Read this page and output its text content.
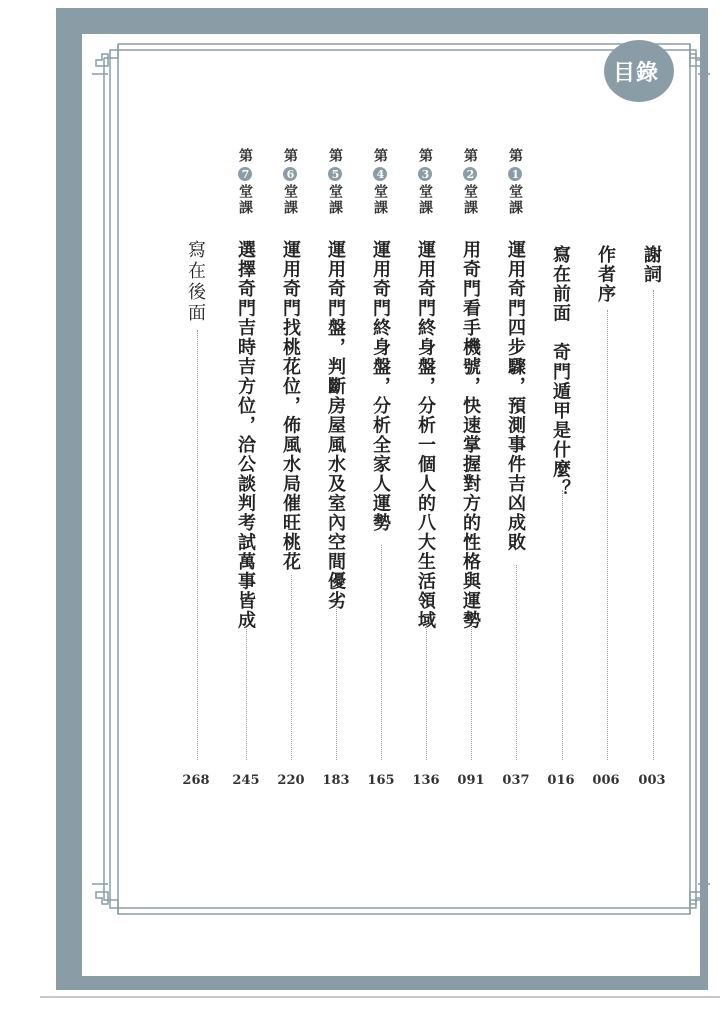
目錄
謝詞
003
作者序
006
寫在前面　奇門遁甲是什麼？
016
第1堂課
運用奇門四步驟，預測事件吉凶成敗
037
第2堂課
用奇門看手機號，快速掌握對方的性格與運勢
091
第3堂課
運用奇門終身盤，分析一個人的八大生活領域
136
第4堂課
運用奇門終身盤，分析全家人運勢
165
第5堂課
運用奇門盤，判斷房屋風水及室內空間優劣
183
第6堂課
運用奇門找桃花位，佈風水局催旺桃花
220
第7堂課
選擇奇門吉時吉方位，洽公談判考試萬事皆成
245
寫在後面
268
